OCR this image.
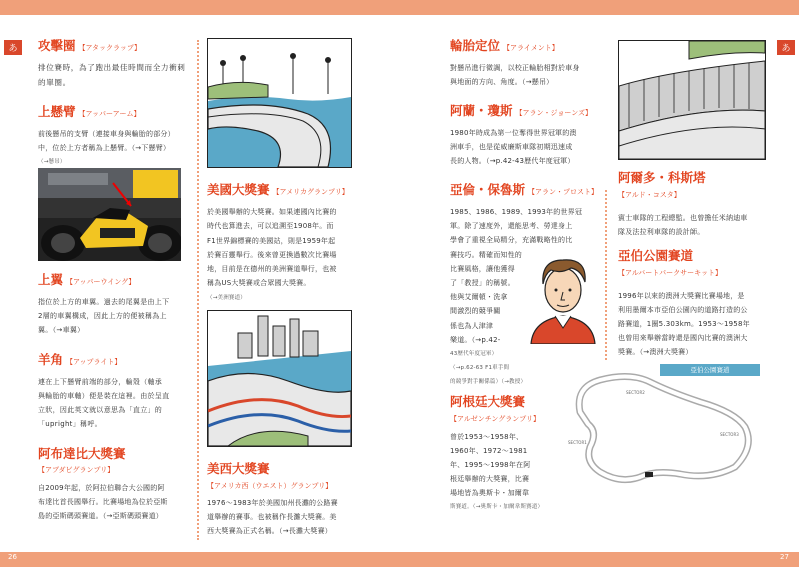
26	27
あ	あ
攻擊圈 【アタックラップ】
排位賽時，為了跑出最佳時間而全力衝刺的單圈。
上懸臂 【アッパーアーム】
前後懸吊的支臂（連接車身與輪胎的部分）
中，位於上方者稱為上懸臂。（→下懸臂）
（→懸吊）
上翼 【アッパーウイング】
指位於上方的車翼。過去的尾翼是由上下
2層的車翼構成，因此上方的便被稱為上
翼。（→車翼）
羊角 【アップライト】
連在上下懸臂前端的部分，輪殼（軸承
與輪胎的車軸）便是裝在這裡。由於呈直
立狀，因此英文就以意思為「直立」的
「upright」稱呼。
阿布達比大獎賽
【アブダビグランプリ】
自2009年起，於阿拉伯聯合大公國的阿
布達比首長國舉行。比賽場地為位於亞斯
島的亞斯碼頭賽道。（→亞斯碼頭賽道）
美國大獎賽 【アメリカグランプリ】
於美國舉辦的大獎賽。如果連國內比賽的
時代也算進去，可以追溯至1908年。而
F1世界錦標賽的美國站，則是1959年起
於賽百靈舉行。後來曾更換過數次比賽場
地，目前是在德州的美洲賽道舉行，也被
稱為US大獎賽或合眾國大獎賽。
（→美洲賽道）
美西大獎賽
【アメリカ西（ウエスト）グランプリ】
1976～1983年於美國加州長灘的公路賽
道舉辦的賽事。也被稱作長灘大獎賽。美
西大獎賽為正式名稱。（→長灘大獎賽）
輪胎定位 【アライメント】
對懸吊進行微調，以校正輪胎相對於車身
與地面的方向、角度。（→懸吊）
阿蘭・瓊斯 【アラン・ジョーンズ】
1980年時成為第一位奪得世界冠軍的澳
洲車手，也是從威廉斯車隊初期迅速成
長的人物。（→p.42-43歷代年度冠軍）
亞倫・保魯斯 【アラン・プロスト】
1985、1986、1989、1993年的世界冠
軍。除了速度外，還能思考、勞達身上
學會了重視全局精分，充滿戰略性的比
賽技巧。精確而知性的
比賽風格，讓他獲得
了「教授」的稱號。
他與艾爾頓・洗拿
間激烈的競爭關
係也為人津津
樂道。（→p.42-
43歷代年度冠軍）
（→p.62-63 F1車手間
的競爭對手關係篇）（→教授）
阿根廷大獎賽
【アルゼンチングランプリ】
曾於1953～1958年、
1960年、1972～1981
年、1995～1998年在阿
根廷舉辦的大獎賽，比賽
場地皆為奧斯卡・加爾韋
斯賽道。（→奧斯卡・加爾韋斯賽道）
亞伯公園賽道
SECTOR2
SECTOR3
SECTOR1
阿爾多・科斯塔
【アルド・コスタ】
賓士車隊的工程總監。也曾擔任米納迪車
隊及法拉利車隊的設計師。
亞伯公園賽道
【アルバートパークサーキット】
1996年以來的澳洲大獎賽比賽場地，是
利用墨爾本市亞伯公園內的道路打造的公
路賽道，1圈5.303km。1953～1958年
也曾用來舉辦當時還是國內比賽的澳洲大
獎賽。（→澳洲大獎賽）
